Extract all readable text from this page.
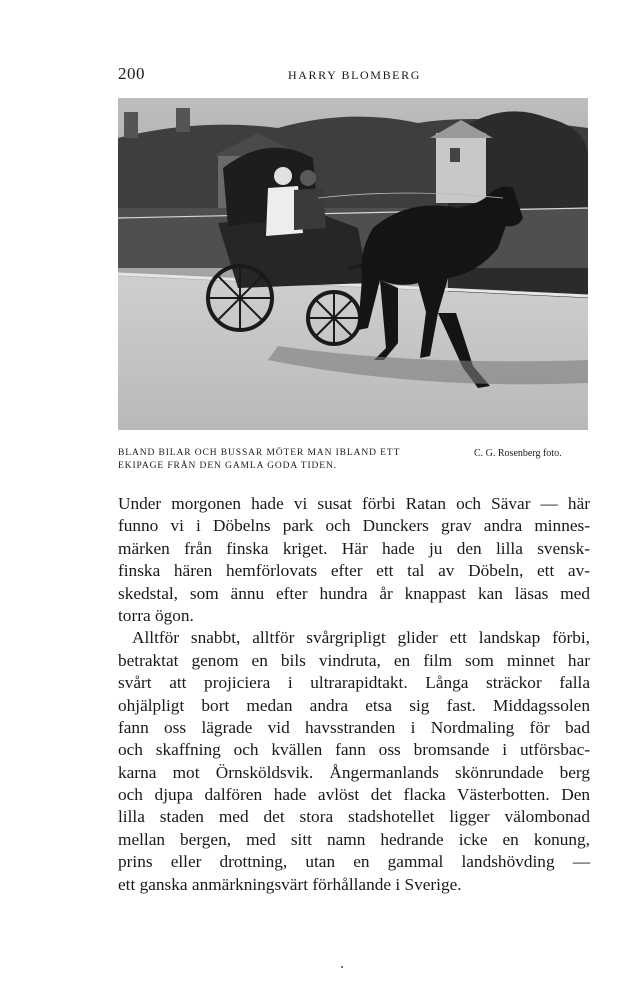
200	HARRY BLOMBERG
BLAND BILAR OCH BUSSAR MÖTER MAN IBLAND ETT
EKIPAGE FRÅN DEN GAMLA GODA TIDEN.
C. G. Rosenberg foto.
Under morgonen hade vi susat förbi Ratan och Sävar — här
funno vi i Döbelns park och Dunckers grav andra minnes-
märken från finska kriget. Här hade ju den lilla svensk-
finska hären hemförlovats efter ett tal av Döbeln, ett av-
skedstal, som ännu efter hundra år knappast kan läsas med
torra ögon.
Alltför snabbt, alltför svårgripligt glider ett landskap förbi,
betraktat genom en bils vindruta, en film som minnet har
svårt att projiciera i ultrarapidtakt. Långa sträckor falla
ohjälpligt bort medan andra etsa sig fast. Middagssolen
fann oss lägrade vid havsstranden i Nordmaling för bad
och skaffning och kvällen fann oss bromsande i utförsbac-
karna mot Örnsköldsvik. Ångermanlands skönrundade berg
och djupa dalfören hade avlöst det flacka Västerbotten. Den
lilla staden med det stora stadshotellet ligger välombonad
mellan bergen, med sitt namn hedrande icke en konung,
prins eller drottning, utan en gammal landshövding —
ett ganska anmärkningsvärt förhållande i Sverige.
